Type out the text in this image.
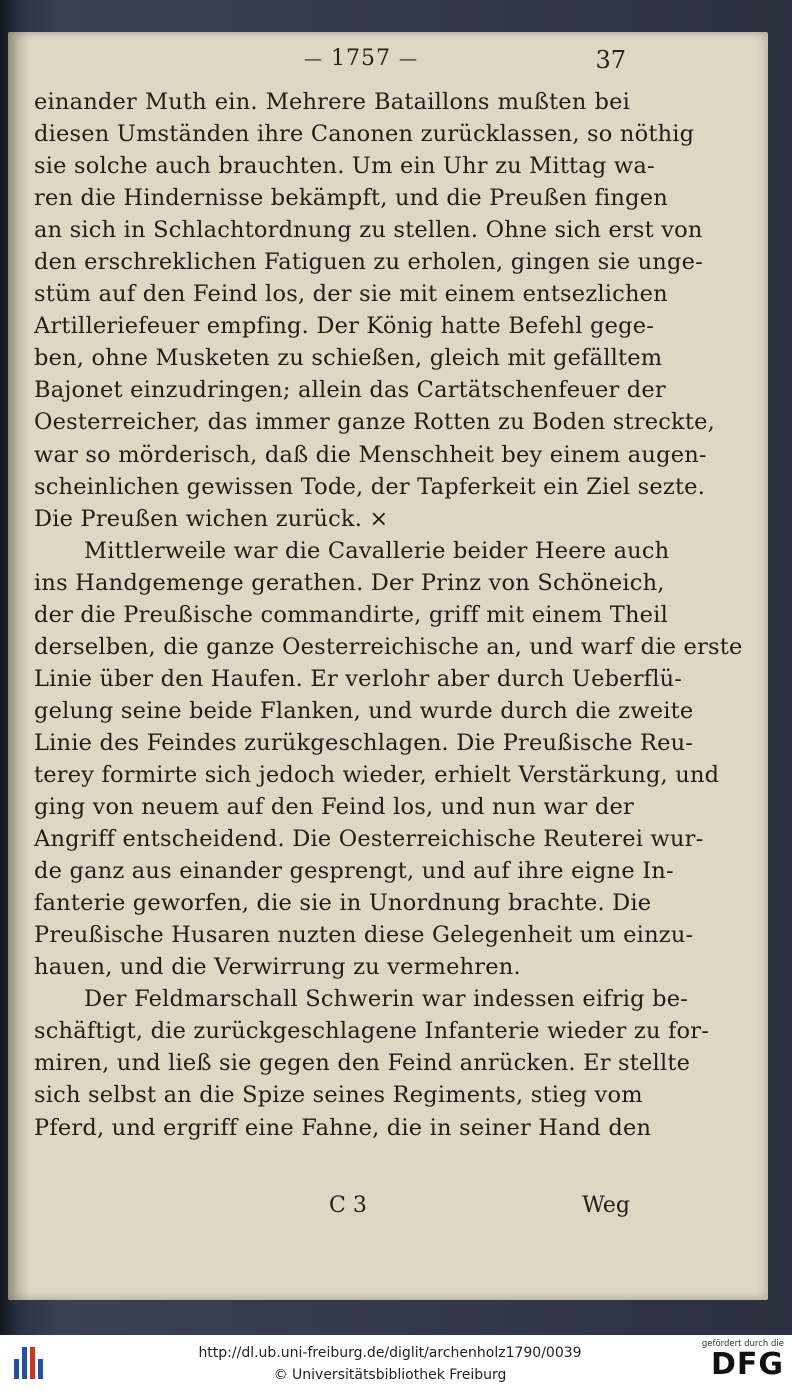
— 1757 —	37
einander Muth ein. Mehrere Bataillons mußten bei
diesen Umständen ihre Canonen zurücklassen, so nöthig
sie solche auch brauchten. Um ein Uhr zu Mittag wa-
ren die Hindernisse bekämpft, und die Preußen fingen
an sich in Schlachtordnung zu stellen. Ohne sich erst von
den erschreklichen Fatiguen zu erholen, gingen sie unge-
stüm auf den Feind los, der sie mit einem entsezlichen
Artilleriefeuer empfing. Der König hatte Befehl gege-
ben, ohne Musketen zu schießen, gleich mit gefälltem
Bajonet einzudringen; allein das Cartätschenfeuer der
Oesterreicher, das immer ganze Rotten zu Boden streckte,
war so mörderisch, daß die Menschheit bey einem augen-
scheinlichen gewissen Tode, der Tapferkeit ein Ziel sezte.
Die Preußen wichen zurück. ×
Mittlerweile war die Cavallerie beider Heere auch
ins Handgemenge gerathen. Der Prinz von Schöneich,
der die Preußische commandirte, griff mit einem Theil
derselben, die ganze Oesterreichische an, und warf die erste
Linie über den Haufen. Er verlohr aber durch Ueberflü-
gelung seine beide Flanken, und wurde durch die zweite
Linie des Feindes zurükgeschlagen. Die Preußische Reu-
terey formirte sich jedoch wieder, erhielt Verstärkung, und
ging von neuem auf den Feind los, und nun war der
Angriff entscheidend. Die Oesterreichische Reuterei wur-
de ganz aus einander gesprengt, und auf ihre eigne In-
fanterie geworfen, die sie in Unordnung brachte. Die
Preußische Husaren nuzten diese Gelegenheit um einzu-
hauen, und die Verwirrung zu vermehren.
Der Feldmarschall Schwerin war indessen eifrig be-
schäftigt, die zurückgeschlagene Infanterie wieder zu for-
miren, und ließ sie gegen den Feind anrücken. Er stellte
sich selbst an die Spize seines Regiments, stieg vom
Pferd, und ergriff eine Fahne, die in seiner Hand den
C 3	Weg
http://dl.ub.uni-freiburg.de/diglit/archenholz1790/0039
© Universitätsbibliothek Freiburg
gefördert durch die
DFG
